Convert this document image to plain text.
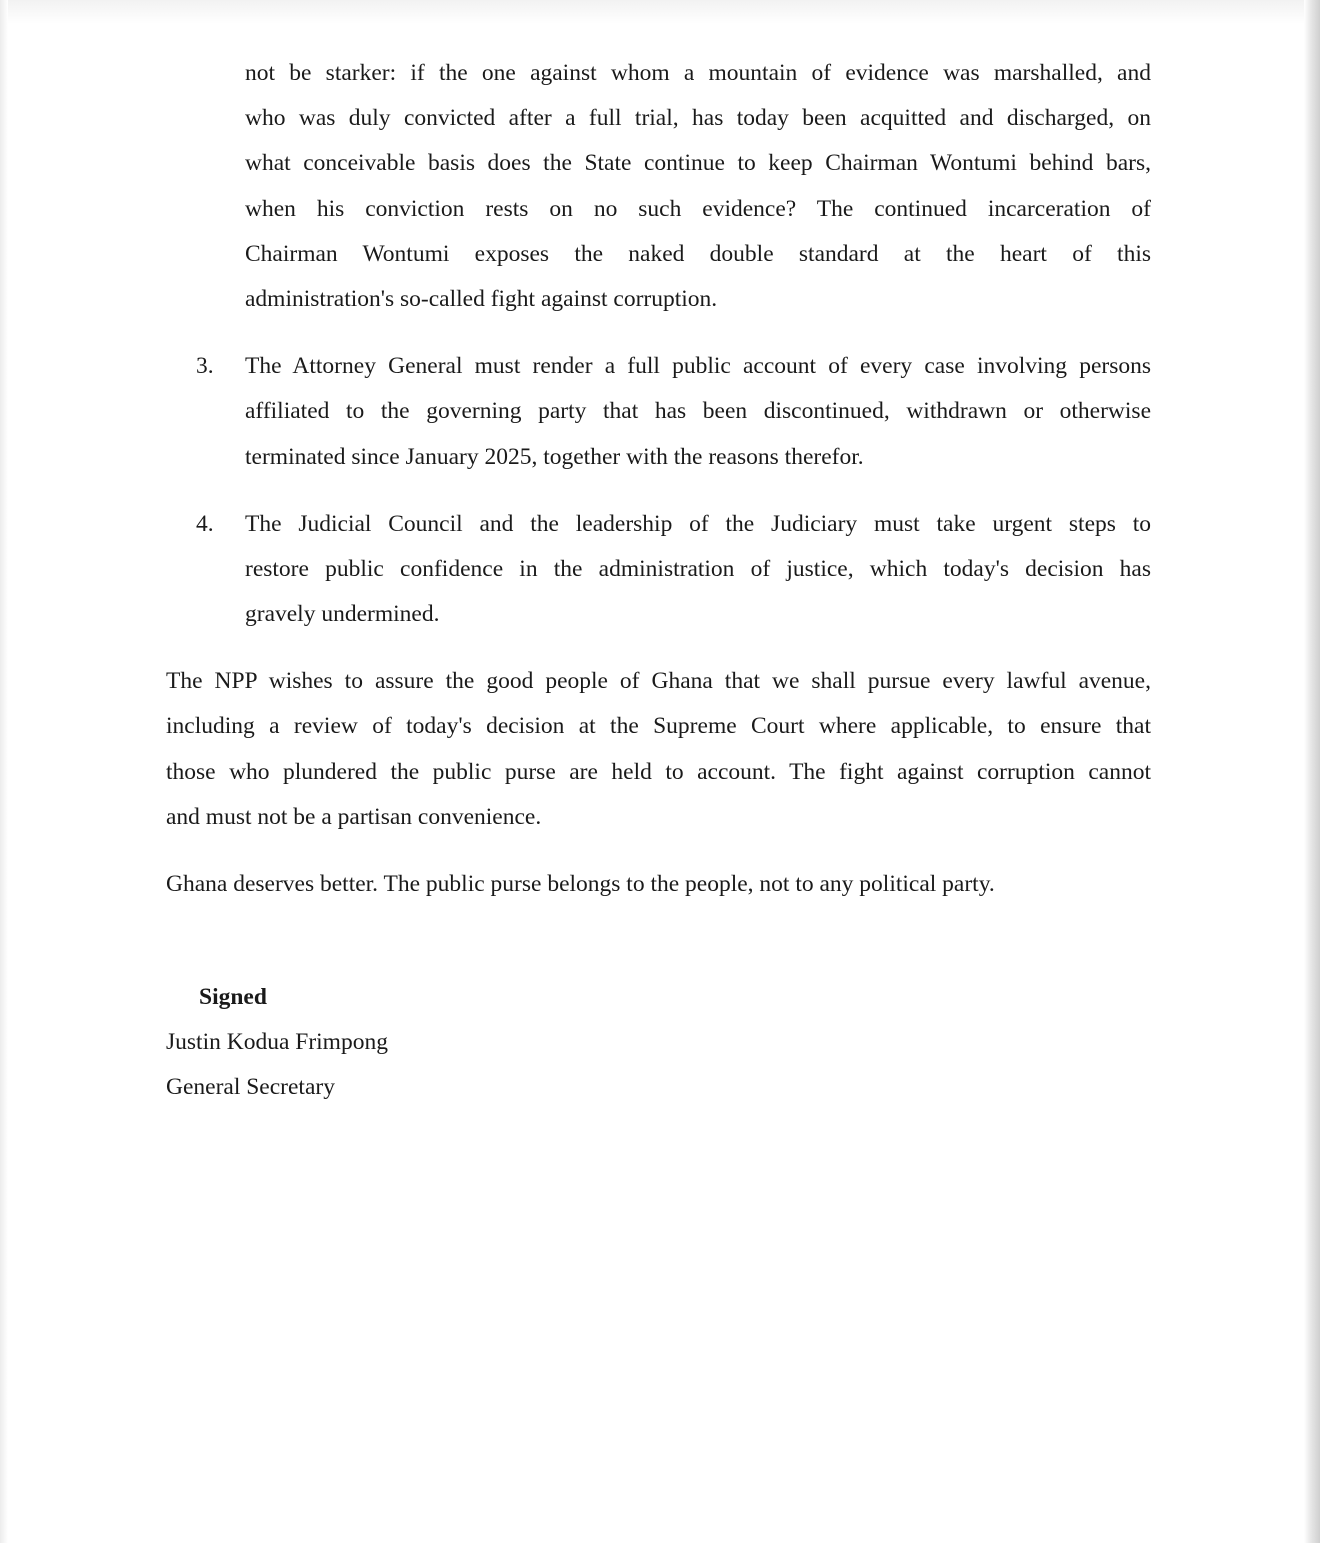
not be starker: if the one against whom a mountain of evidence was marshalled, and
who was duly convicted after a full trial, has today been acquitted and discharged, on
what conceivable basis does the State continue to keep Chairman Wontumi behind bars,
when his conviction rests on no such evidence? The continued incarceration of
Chairman Wontumi exposes the naked double standard at the heart of this
administration's so-called fight against corruption.
3. The Attorney General must render a full public account of every case involving persons
affiliated to the governing party that has been discontinued, withdrawn or otherwise
terminated since January 2025, together with the reasons therefor.
4. The Judicial Council and the leadership of the Judiciary must take urgent steps to
restore public confidence in the administration of justice, which today's decision has
gravely undermined.
The NPP wishes to assure the good people of Ghana that we shall pursue every lawful avenue,
including a review of today's decision at the Supreme Court where applicable, to ensure that
those who plundered the public purse are held to account. The fight against corruption cannot
and must not be a partisan convenience.
Ghana deserves better. The public purse belongs to the people, not to any political party.
Signed
Justin Kodua Frimpong
General Secretary
